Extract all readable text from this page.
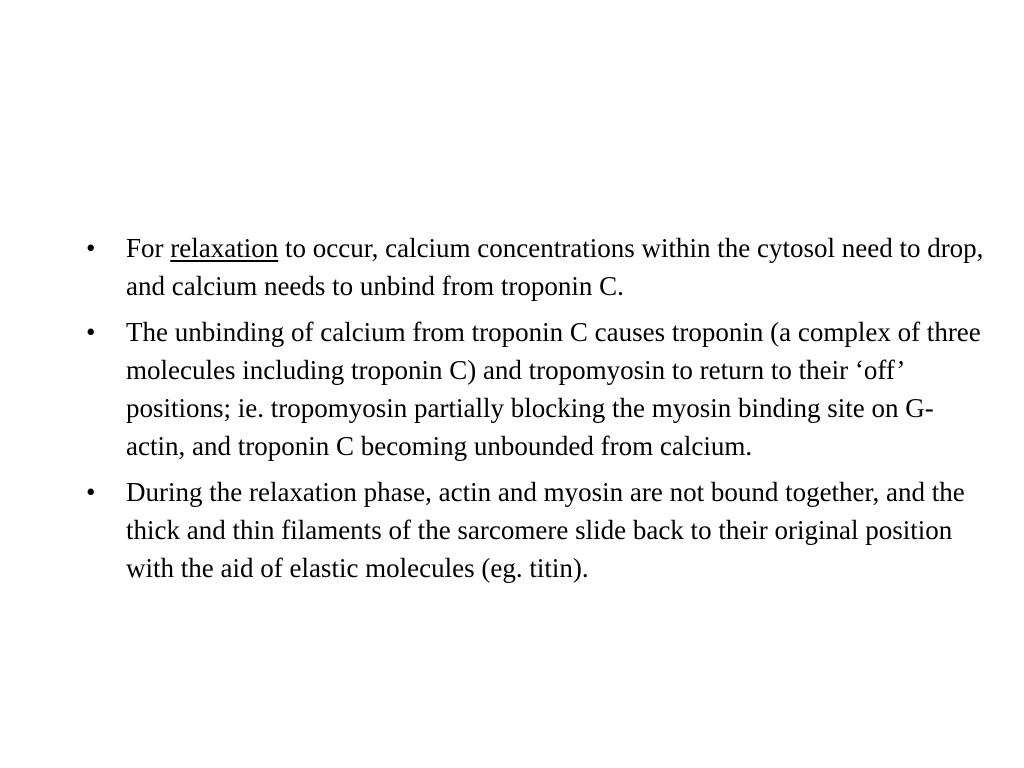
•	For relaxation to occur, calcium concentrations within the cytosol need to drop, and calcium needs to unbind from troponin C.
•	The unbinding of calcium from troponin C causes troponin (a complex of three molecules including troponin C) and tropomyosin to return to their ‘off’ positions; ie. tropomyosin partially blocking the myosin binding site on G-actin, and troponin C becoming unbounded from calcium.
•	During the relaxation phase, actin and myosin are not bound together, and the thick and thin filaments of the sarcomere slide back to their original position with the aid of elastic molecules (eg. titin).
